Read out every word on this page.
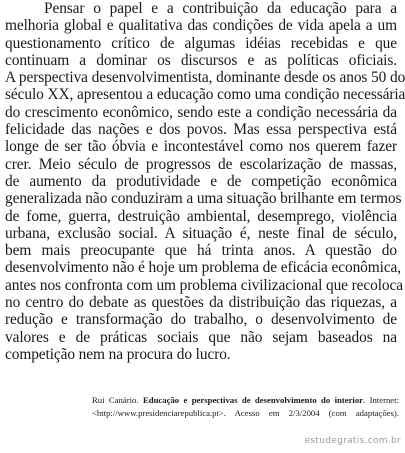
Pensar o papel e a contribuição da educação para a
melhoria global e qualitativa das condições de vida apela a um
questionamento crítico de algumas idéias recebidas e que
continuam a dominar os discursos e as políticas oficiais.
A perspectiva desenvolvimentista, dominante desde os anos 50 do
século XX, apresentou a educação como uma condição necessária
do crescimento econômico, sendo este a condição necessária da
felicidade das nações e dos povos. Mas essa perspectiva está
longe de ser tão óbvia e incontestável como nos querem fazer
crer. Meio século de progressos de escolarização de massas,
de aumento da produtividade e de competição econômica
generalizada não conduziram a uma situação brilhante em termos
de fome, guerra, destruição ambiental, desemprego, violência
urbana, exclusão social. A situação é, neste final de século,
bem mais preocupante que há trinta anos. A questão do
desenvolvimento não é hoje um problema de eficácia econômica,
antes nos confronta com um problema civilizacional que recoloca
no centro do debate as questões da distribuição das riquezas, a
redução e transformação do trabalho, o desenvolvimento de
valores e de práticas sociais que não sejam baseados na
competição nem na procura do lucro.
Rui Canário. Educação e perspectivas de desenvolvimento do interior. Internet:
<http://www.presidenciarepublica.pt>. Acesso em 2/3/2004 (com adaptações).
estudegratis.com.br
